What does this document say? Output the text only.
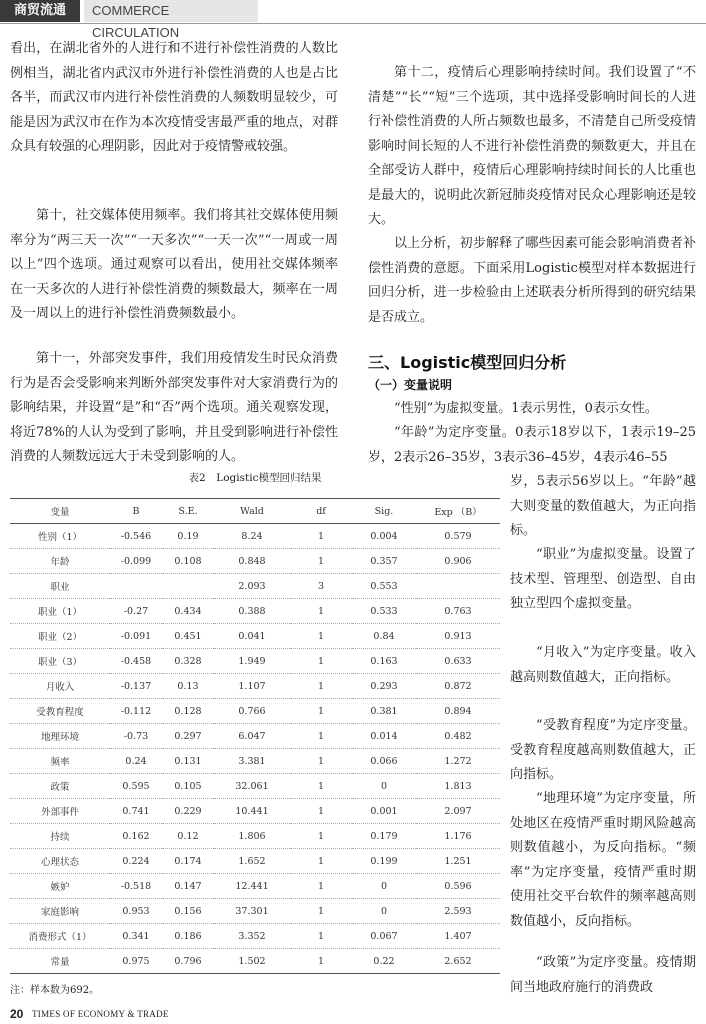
商贸流通	COMMERCE CIRCULATION

看出，在湖北省外的人进行和不进行补偿性消费的人数比例相当，湖北省内武汉市外进行补偿性消费的人也是占比各半，而武汉市内进行补偿性消费的人频数明显较少，可能是因为武汉市在作为本次疫情受害最严重的地点，对群众具有较强的心理阴影，因此对于疫情警戒较强。

第十，社交媒体使用频率。我们将其社交媒体使用频率分为“两三天一次”“一天多次”“一天一次”“一周或一周以上”四个选项。通过观察可以看出，使用社交媒体频率在一天多次的人进行补偿性消费的频数最大，频率在一周及一周以上的进行补偿性消费频数最小。

第十一，外部突发事件，我们用疫情发生时民众消费行为是否会受影响来判断外部突发事件对大家消费行为的影响结果，并设置“是”和“否”两个选项。通关观察发现，将近78%的人认为受到了影响，并且受到影响进行补偿性消费的人频数远远大于未受到影响的人。

第十二，疫情后心理影响持续时间。我们设置了“不清楚”“长”“短”三个选项，其中选择受影响时间长的人进行补偿性消费的人所占频数也最多，不清楚自己所受疫情影响时间长短的人不进行补偿性消费的频数更大，并且在全部受访人群中，疫情后心理影响持续时间长的人比重也是最大的，说明此次新冠肺炎疫情对民众心理影响还是较大。

以上分析，初步解释了哪些因素可能会影响消费者补偿性消费的意愿。下面采用Logistic模型对样本数据进行回归分析，进一步检验由上述联表分析所得到的研究结果是否成立。

三、Logistic模型回归分析
（一）变量说明

“性别”为虚拟变量。1表示男性，0表示女性。

“年龄”为定序变量。0表示18岁以下，1表示19–25岁，2表示26–35岁，3表示36–45岁，4表示46–55

岁，5表示56岁以上。“年龄”越大则变量的数值越大，为正向指标。

“职业”为虚拟变量。设置了技术型、管理型、创造型、自由独立型四个虚拟变量。

“月收入”为定序变量。收入越高则数值越大，正向指标。

“受教育程度”为定序变量。受教育程度越高则数值越大，正向指标。

“地理环境”为定序变量，所处地区在疫情严重时期风险越高则数值越小，为反向指标。“频率”为定序变量，疫情严重时期使用社交平台软件的频率越高则数值越小，反向指标。

“政策”为定序变量。疫情期间当地政府施行的消费政

表2　Logistic模型回归结果
变量	B	S.E.	Wald	df	Sig.	Exp （B）
性别（1）	-0.546	0.19	8.24	1	0.004	0.579
年龄	-0.099	0.108	0.848	1	0.357	0.906
职业			2.093	3	0.553	
职业（1）	-0.27	0.434	0.388	1	0.533	0.763
职业（2）	-0.091	0.451	0.041	1	0.84	0.913
职业（3）	-0.458	0.328	1.949	1	0.163	0.633
月收入	-0.137	0.13	1.107	1	0.293	0.872
受教育程度	-0.112	0.128	0.766	1	0.381	0.894
地理环境	-0.73	0.297	6.047	1	0.014	0.482
频率	0.24	0.131	3.381	1	0.066	1.272
政策	0.595	0.105	32.061	1	0	1.813
外部事件	0.741	0.229	10.441	1	0.001	2.097
持续	0.162	0.12	1.806	1	0.179	1.176
心理状态	0.224	0.174	1.652	1	0.199	1.251
嫉妒	-0.518	0.147	12.441	1	0	0.596
家庭影响	0.953	0.156	37.301	1	0	2.593
消费形式（1）	0.341	0.186	3.352	1	0.067	1.407
常量	0.975	0.796	1.502	1	0.22	2.652
注：样本数为692。
20 TIMES OF ECONOMY & TRADE
